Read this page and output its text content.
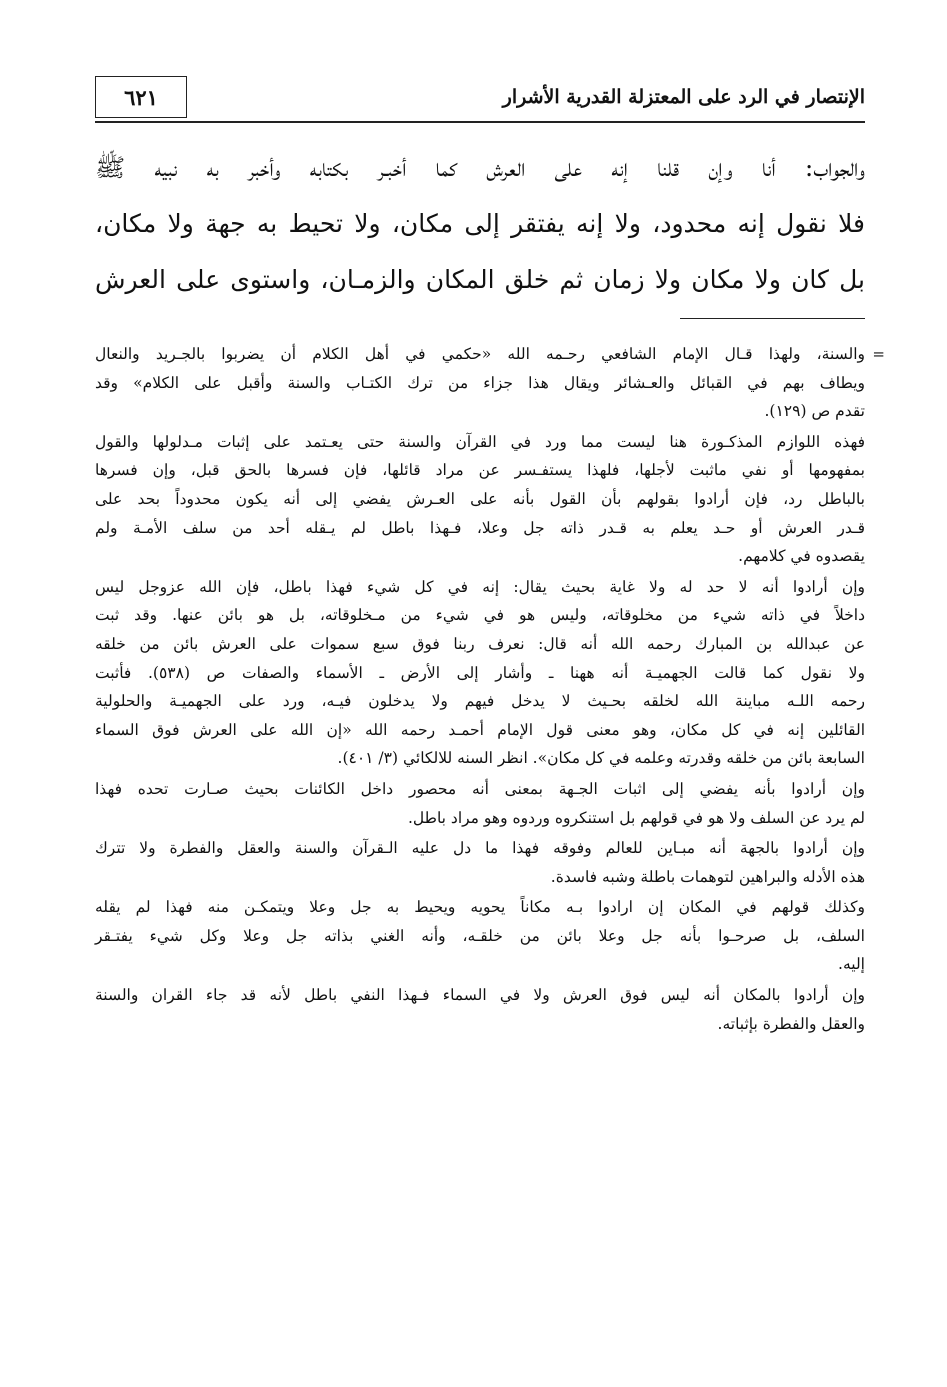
٦٢١	الإنتصار في الرد على المعتزلة القدرية الأشرار
والجواب: أنا وإن قلنا إنه على العرش كما أخبـر بكتابه وأخبر به نبيه ﷺ
فلا نقول إنه محدود، ولا إنه يفتقر إلى مكان، ولا تحيط به جهة ولا مكان،
بل كان ولا مكان ولا زمان ثم خلق المكان والزمـان، واستوى على العرش
=
والسنة، ولهذا قـال الإمام الشافعي رحـمه الله «حكمي في أهل الكلام أن يضربوا بالجـريد والنعال
ويطاف بهم في القبائل والعـشائر ويقال هذا جزاء من ترك الكتـاب والسنة وأقبل على الكلام» وقد
تقدم ص (١٢٩).
فهذه اللوازم المذكـورة هنا ليست مما ورد في القرآن والسنة حتى يعـتمد على إثبات مـدلولها والقول
بمفهومها أو نفي ماثبت لأجلها، فلهذا يستفـسر عن مراد قائلها، فإن فسرها بالحق قبل، وإن فسرها
بالباطل رد، فإن أرادوا بقولهم بأن القول بأنه على العـرش يفضي إلى أنه يكون محدوداً بحد على
قـدر العرش أو حـد يعلم به قـدر ذاته جل وعلا، فـهذا باطل لم يـقله أحد من سلف الأمـة ولم
يقصدوه في كلامهم.
وإن أرادوا أنه لا حد له ولا غاية بحيث يقال: إنه في كل شيء فهذا باطل، فإن الله عزوجل ليس
داخلاً في ذاته شيء من مخلوقاته، وليس هو في شيء من مـخلوقاته، بل هو بائن عنها. وقد ثبت
عن عبدالله بن المبارك رحمه الله أنه قال: نعرف ربنا فوق سبع سموات على العرش بائن من خلقه
ولا نقول كما قالت الجهميـة أنه ههنا ـ وأشار إلى الأرض ـ الأسماء والصفات ص (٥٣٨). فأثبت
رحمه اللـه مباينة الله لخلقه بحـيث لا يدخل فيهم ولا يدخلون فيـه، ورد على الجهميـة والحلولية
القائلين إنه في كل مكان، وهو معنى قول الإمام أحمـد رحمه الله «إن الله على العرش فوق السماء
السابعة بائن من خلقه وقدرته وعلمه في كل مكان». انظر السنه للالكائي (٣/ ٤٠١).
وإن أرادوا بأنه يفضي إلى اثبات الجـهة بمعنى أنه محصور داخل الكائنات بحيث صـارت تحده فهذا
لم يرد عن السلف ولا هو في قولهم بل استنكروه وردوه وهو مراد باطل.
وإن أرادوا بالجهة أنه مبـاين للعالم وفوقه فهذا ما دل عليه الـقرآن والسنة والعقل والفطرة ولا تترك
هذه الأدله والبراهين لتوهمات باطلة وشبه فاسدة.
وكذلك قولهم في المكان إن ارادوا بـه مكاناً يحويه ويحيط به جل وعلا ويتمكـن منه فهذا لم يقله
السلف، بل صرحـوا بأنه جل وعلا بائن من خلقـه، وأنه الغني بذاته جل وعلا وكل شيء يفتـقر
إليه.
وإن أرادوا بالمكان أنه ليس فوق العرش ولا في السماء فـهذا النفي باطل لأنه قد جاء القران والسنة
والعقل والفطرة بإثباته.
